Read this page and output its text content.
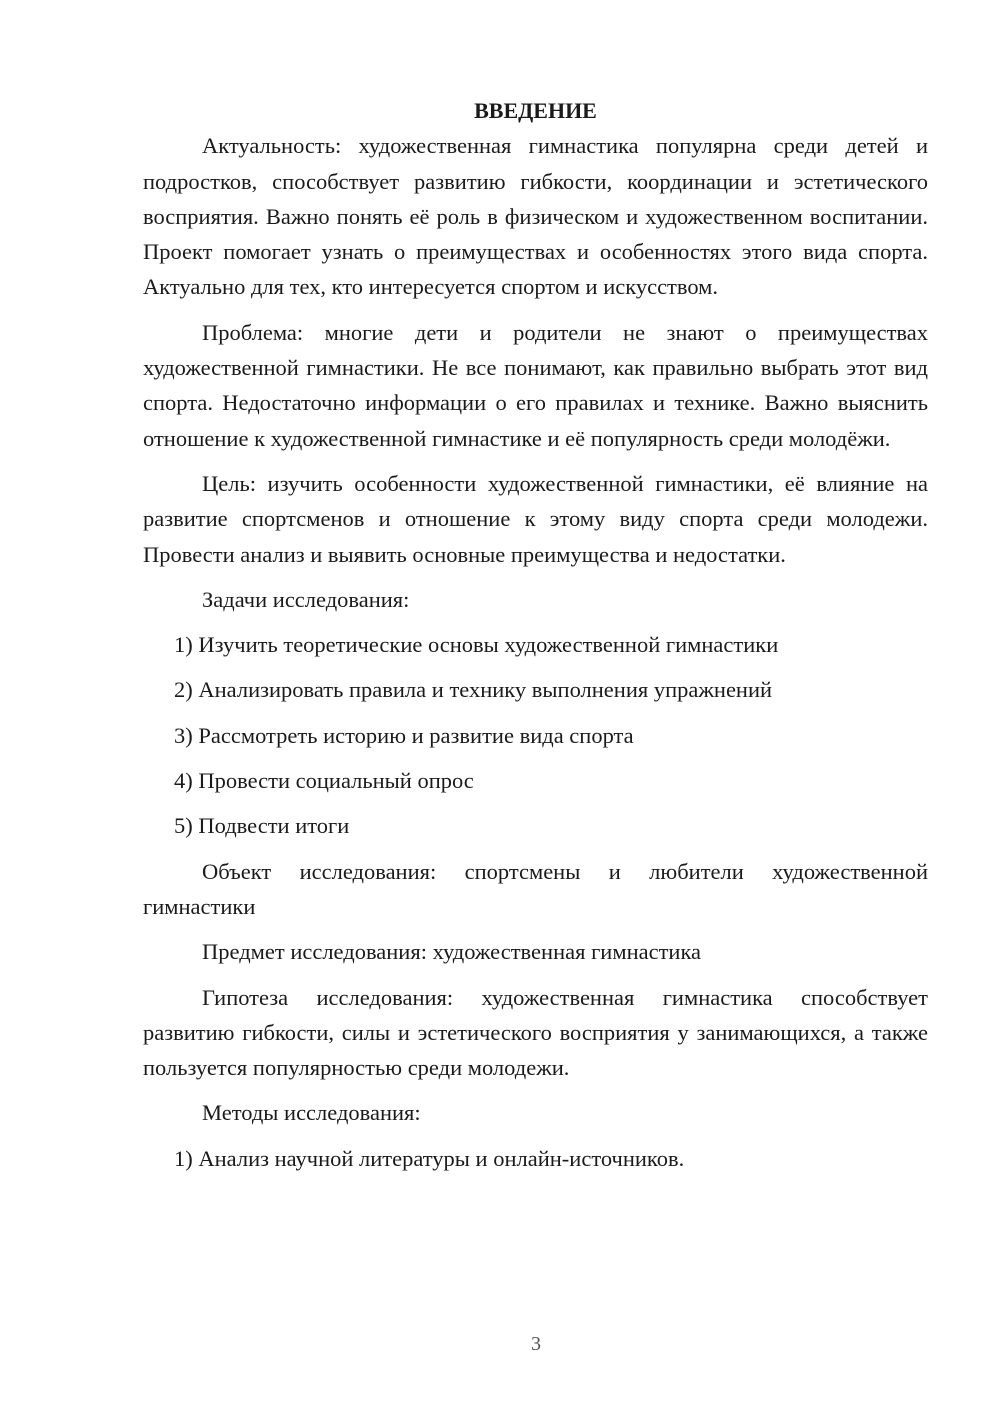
ВВЕДЕНИЕ

Актуальность: художественная гимнастика популярна среди детей и подростков, способствует развитию гибкости, координации и эстетического восприятия. Важно понять её роль в физическом и художественном воспитании. Проект помогает узнать о преимуществах и особенностях этого вида спорта. Актуально для тех, кто интересуется спортом и искусством.

Проблема: многие дети и родители не знают о преимуществах художественной гимнастики. Не все понимают, как правильно выбрать этот вид спорта. Недостаточно информации о его правилах и технике. Важно выяснить отношение к художественной гимнастике и её популярность среди молодёжи.

Цель: изучить особенности художественной гимнастики, её влияние на развитие спортсменов и отношение к этому виду спорта среди молодежи. Провести анализ и выявить основные преимущества и недостатки.

Задачи исследования:

1) Изучить теоретические основы художественной гимнастики

2) Анализировать правила и технику выполнения упражнений

3) Рассмотреть историю и развитие вида спорта

4) Провести социальный опрос

5) Подвести итоги

Объект исследования: спортсмены и любители художественной гимнастики

Предмет исследования: художественная гимнастика

Гипотеза исследования: художественная гимнастика способствует развитию гибкости, силы и эстетического восприятия у занимающихся, а также пользуется популярностью среди молодежи.

Методы исследования:

1) Анализ научной литературы и онлайн-источников.

3
